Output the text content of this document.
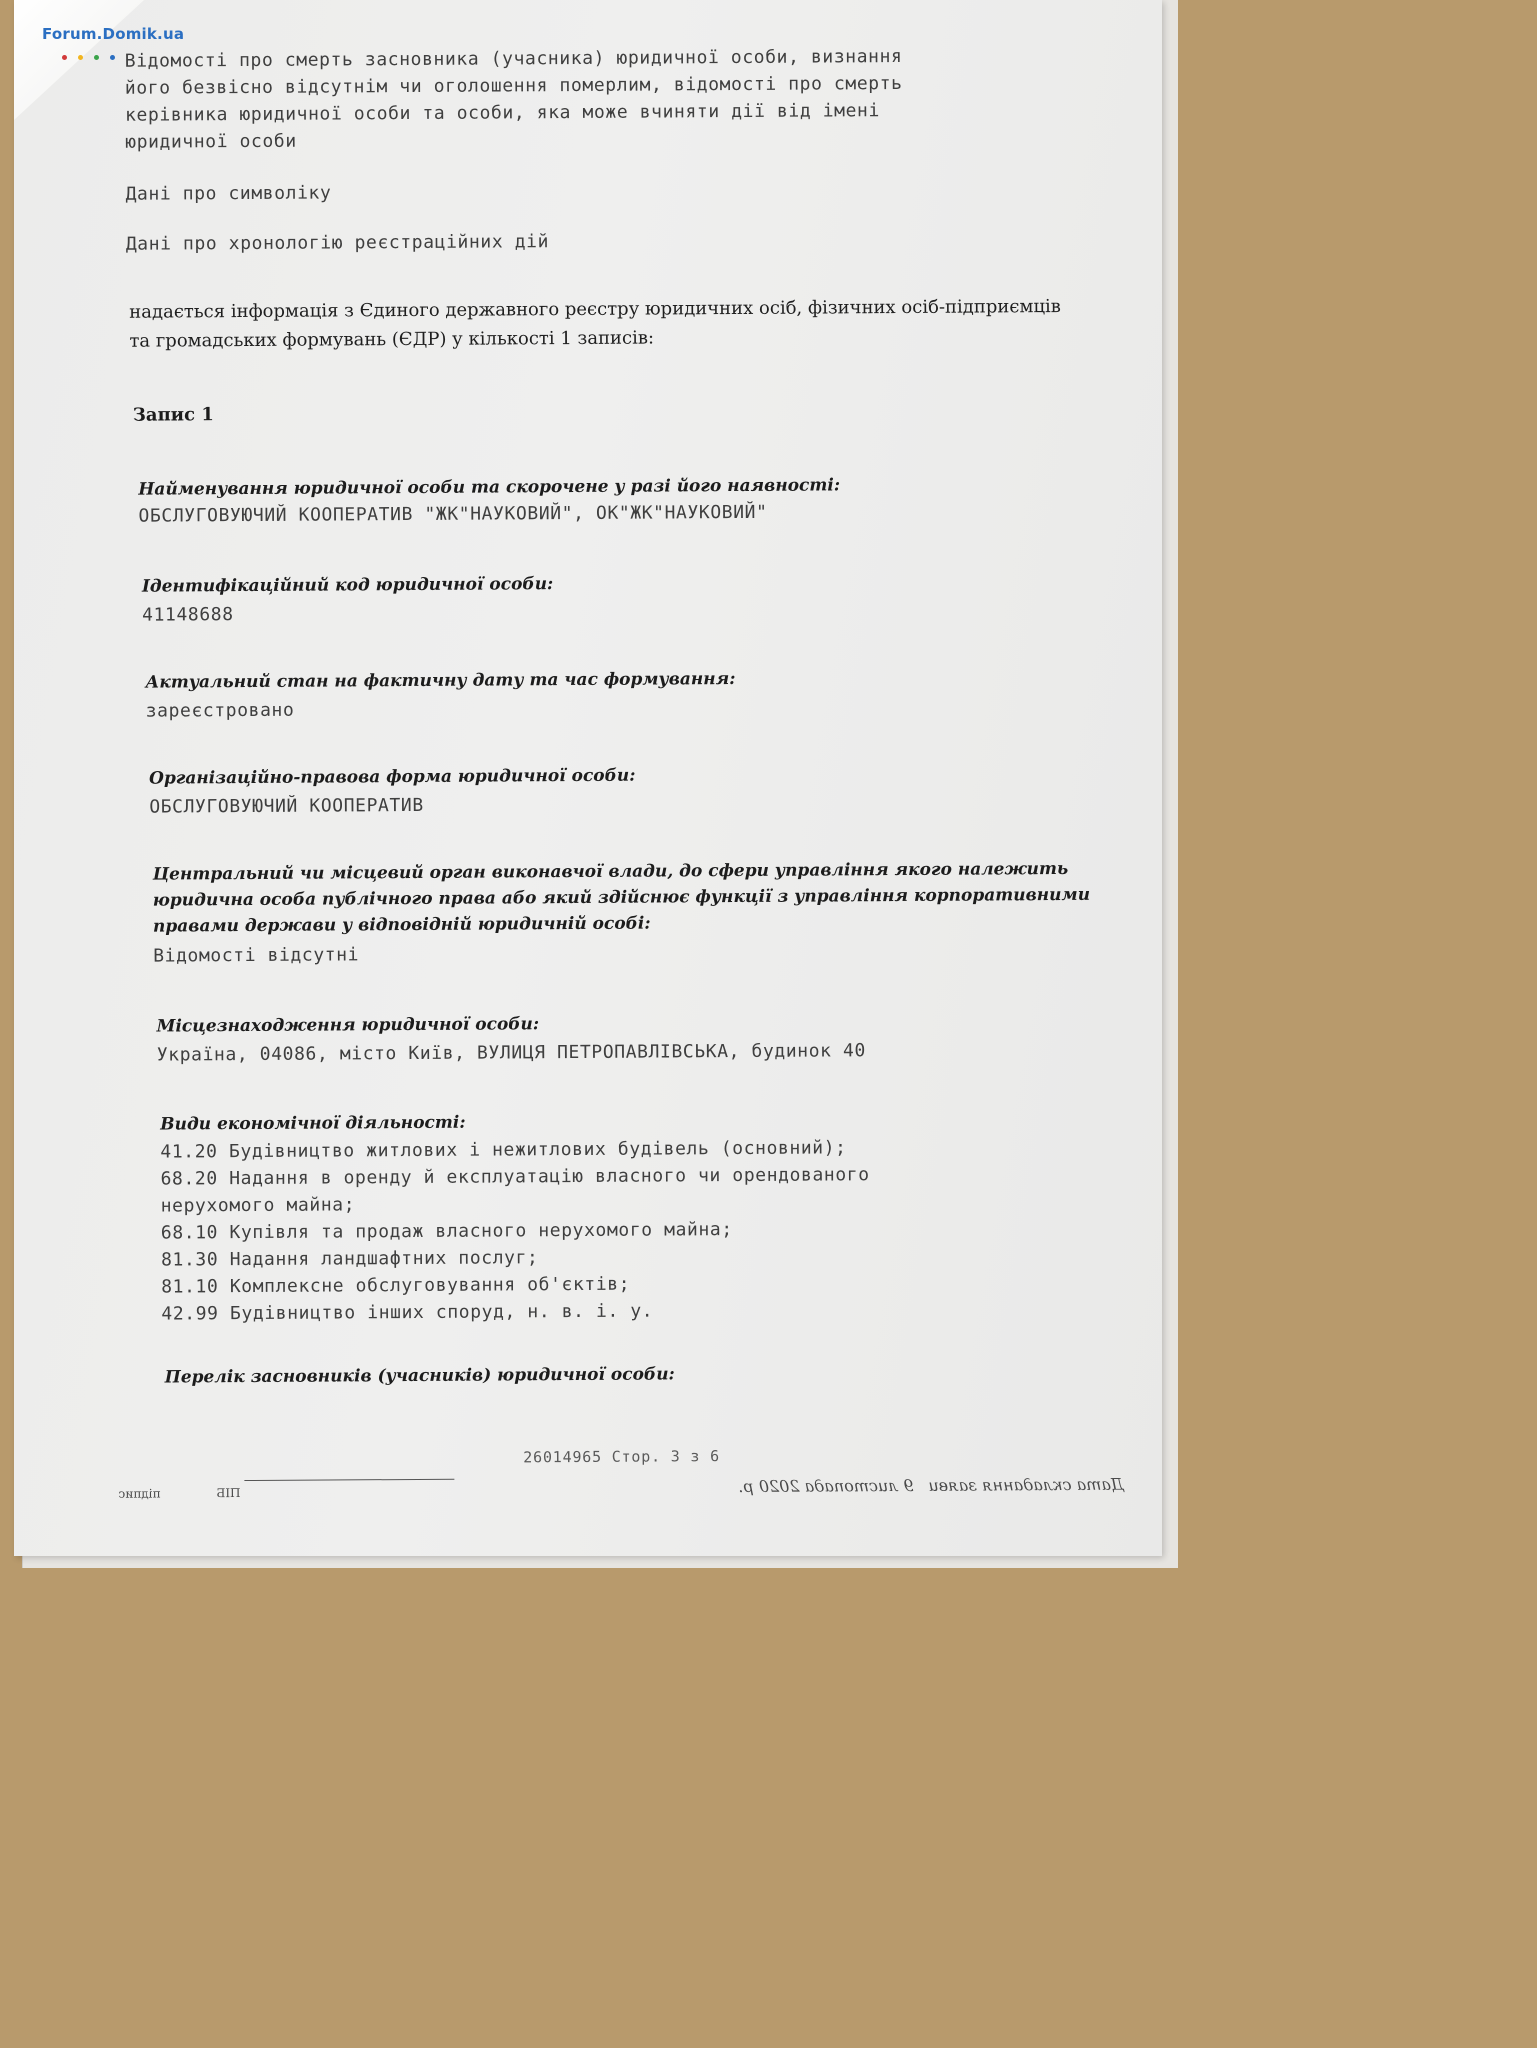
Відомості про смерть засновника (учасника) юридичної особи, визнання
його безвісно відсутнім чи оголошення померлим, відомості про смерть
керівника юридичної особи та особи, яка може вчиняти дії від імені
юридичної особи
Дані про символіку
Дані про хронологію реєстраційних дій
надається інформація з Єдиного державного реєстру юридичних осіб, фізичних осіб-підприємців
та громадських формувань (ЄДР) у кількості 1 записів:
Запис 1
Найменування юридичної особи та скорочене у разі його наявності:
ОБСЛУГОВУЮЧИЙ КООПЕРАТИВ "ЖК"НАУКОВИЙ", ОК"ЖК"НАУКОВИЙ"
Ідентифікаційний код юридичної особи:
41148688
Актуальний стан на фактичну дату та час формування:
зареєстровано
Організаційно-правова форма юридичної особи:
ОБСЛУГОВУЮЧИЙ КООПЕРАТИВ
Центральний чи місцевий орган виконавчої влади, до сфери управління якого належить
юридична особа публічного права або який здійснює функції з управління корпоративними
правами держави у відповідній юридичній особі:
Відомості відсутні
Місцезнаходження юридичної особи:
Україна, 04086, місто Київ, ВУЛИЦЯ ПЕТРОПАВЛІВСЬКА, будинок 40
Види економічної діяльності:
41.20 Будівництво житлових і нежитлових будівель (основний);
68.20 Надання в оренду й експлуатацію власного чи орендованого
нерухомого майна;
68.10 Купівля та продаж власного нерухомого майна;
81.30 Надання ландшафтних послуг;
81.10 Комплексне обслуговування об'єктів;
42.99 Будівництво інших споруд, н. в. і. у.
Перелік засновників (учасників) юридичної особи:
26014965 Стор. 3 з 6
Дата складання заяви
9 листопада 2020 р.
ПІБ
підпис
Forum.Domik.ua
